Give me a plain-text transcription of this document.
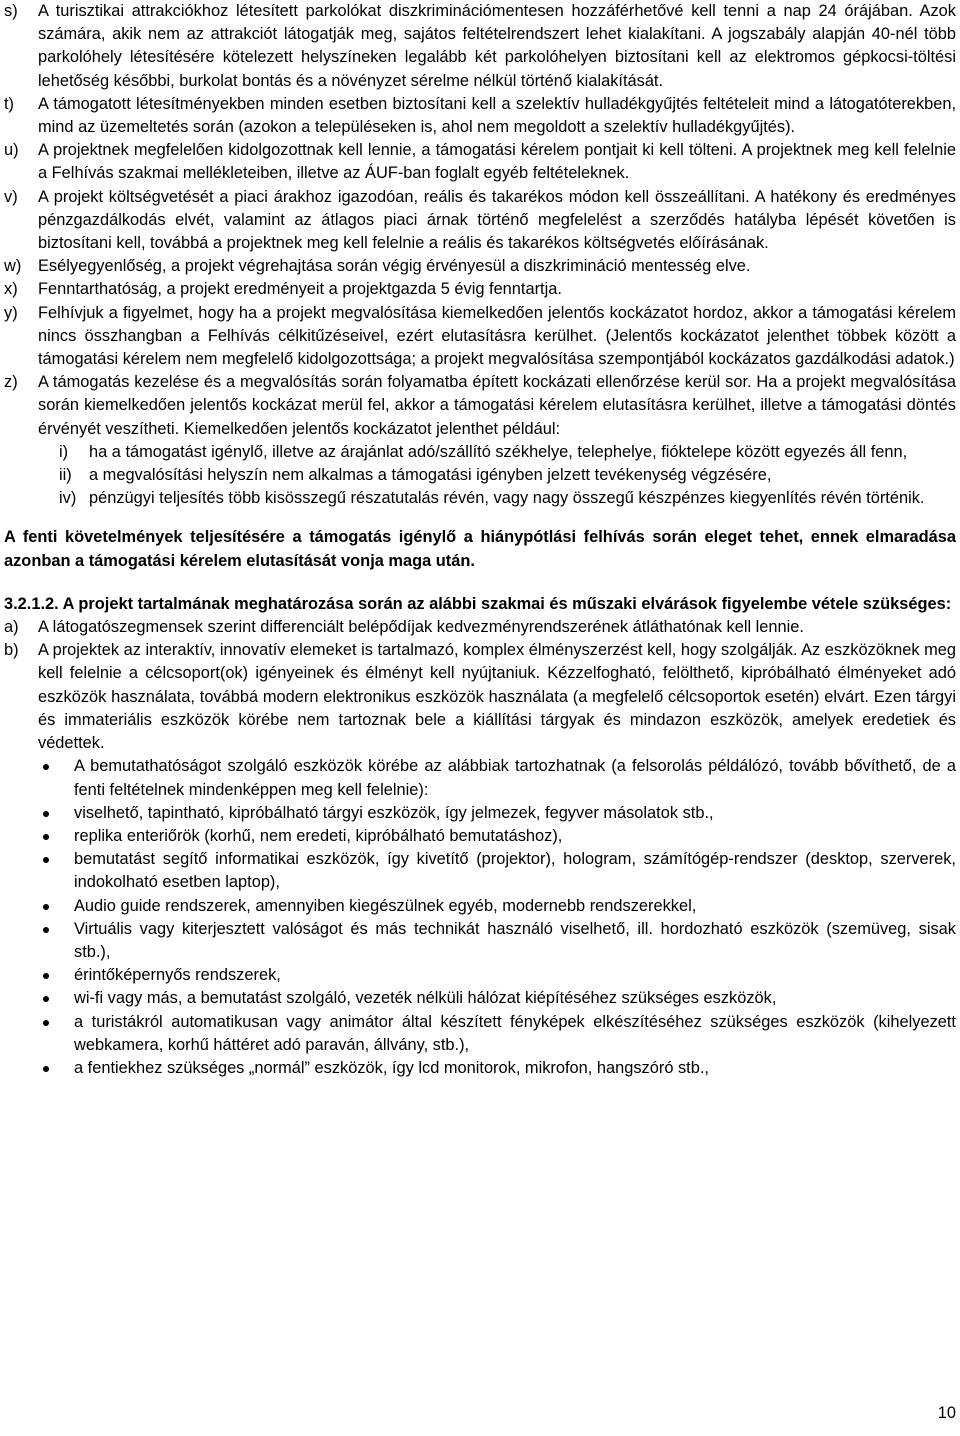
s) A turisztikai attrakciókhoz létesített parkolókat diszkriminációmentesen hozzáférhetővé kell tenni a nap 24 órájában. Azok számára, akik nem az attrakciót látogatják meg, sajátos feltételrendszert lehet kialakítani. A jogszabály alapján 40-nél több parkolóhely létesítésére kötelezett helyszíneken legalább két parkolóhelyen biztosítani kell az elektromos gépkocsi-töltési lehetőség későbbi, burkolat bontás és a növényzet sérelme nélkül történő kialakítását.
t) A támogatott létesítményekben minden esetben biztosítani kell a szelektív hulladékgyűjtés feltételeit mind a látogatóterekben, mind az üzemeltetés során (azokon a településeken is, ahol nem megoldott a szelektív hulladékgyűjtés).
u) A projektnek megfelelően kidolgozottnak kell lennie, a támogatási kérelem pontjait ki kell tölteni. A projektnek meg kell felelnie a Felhívás szakmai mellékleteiben, illetve az ÁUF-ban foglalt egyéb feltételeknek.
v) A projekt költségvetését a piaci árakhoz igazodóan, reális és takarékos módon kell összeállítani. A hatékony és eredményes pénzgazdálkodás elvét, valamint az átlagos piaci árnak történő megfelelést a szerződés hatályba lépését követően is biztosítani kell, továbbá a projektnek meg kell felelnie a reális és takarékos költségvetés előírásának.
w) Esélyegyenlőség, a projekt végrehajtása során végig érvényesül a diszkrimináció mentesség elve.
x) Fenntarthatóság, a projekt eredményeit a projektgazda 5 évig fenntartja.
y) Felhívjuk a figyelmet, hogy ha a projekt megvalósítása kiemelkedően jelentős kockázatot hordoz, akkor a támogatási kérelem nincs összhangban a Felhívás célkitűzéseivel, ezért elutasításra kerülhet. (Jelentős kockázatot jelenthet többek között a támogatási kérelem nem megfelelő kidolgozottsága; a projekt megvalósítása szempontjából kockázatos gazdálkodási adatok.)
z) A támogatás kezelése és a megvalósítás során folyamatba épített kockázati ellenőrzése kerül sor. Ha a projekt megvalósítása során kiemelkedően jelentős kockázat merül fel, akkor a támogatási kérelem elutasításra kerülhet, illetve a támogatási döntés érvényét veszítheti. Kiemelkedően jelentős kockázatot jelenthet például:
i) ha a támogatást igénylő, illetve az árajánlat adó/szállító székhelye, telephelye, fióktelepe között egyezés áll fenn,
ii) a megvalósítási helyszín nem alkalmas a támogatási igényben jelzett tevékenység végzésére,
iv) pénzügyi teljesítés több kisösszegű részatutalás révén, vagy nagy összegű készpénzes kiegyenlítés révén történik.
A fenti követelmények teljesítésére a támogatás igénylő a hiánypótlási felhívás során eleget tehet, ennek elmaradása azonban a támogatási kérelem elutasítását vonja maga után.
3.2.1.2. A projekt tartalmának meghatározása során az alábbi szakmai és műszaki elvárások figyelembe vétele szükséges:
a) A látogatószegmensek szerint differenciált belépődíjak kedvezményrendszerének átláthatónak kell lennie.
b) A projektek az interaktív, innovatív elemeket is tartalmazó, komplex élményszerzést kell, hogy szolgálják. Az eszközöknek meg kell felelnie a célcsoport(ok) igényeinek és élményt kell nyújtaniuk. Kézzelfogható, felölthető, kipróbálható élményeket adó eszközök használata, továbbá modern elektronikus eszközök használata (a megfelelő célcsoportok esetén) elvárt. Ezen tárgyi és immateriális eszközök körébe nem tartoznak bele a kiállítási tárgyak és mindazon eszközök, amelyek eredetiek és védettek.
A bemutathatóságot szolgáló eszközök körébe az alábbiak tartozhatnak (a felsorolás példálózó, tovább bővíthető, de a fenti feltételnek mindenképpen meg kell felelnie):
viselhető, tapintható, kipróbálható tárgyi eszközök, így jelmezek, fegyver másolatok stb.,
replika enteriőrök (korhű, nem eredeti, kipróbálható bemutatáshoz),
bemutatást segítő informatikai eszközök, így kivetítő (projektor), hologram, számítógép-rendszer (desktop, szerverek, indokolható esetben laptop),
Audio guide rendszerek, amennyiben kiegészülnek egyéb, modernebb rendszerekkel,
Virtuális vagy kiterjesztett valóságot és más technikát használó viselhető, ill. hordozható eszközök (szemüveg, sisak stb.),
érintőképernyős rendszerek,
wi-fi vagy más, a bemutatást szolgáló, vezeték nélküli hálózat kiépítéséhez szükséges eszközök,
a turistákról automatikusan vagy animátor által készített fényképek elkészítéséhez szükséges eszközök (kihelyezett webkamera, korhű háttéret adó paraván, állvány, stb.),
a fentiekhez szükséges „normál” eszközök, így lcd monitorok, mikrofon, hangszóró stb.,
10
